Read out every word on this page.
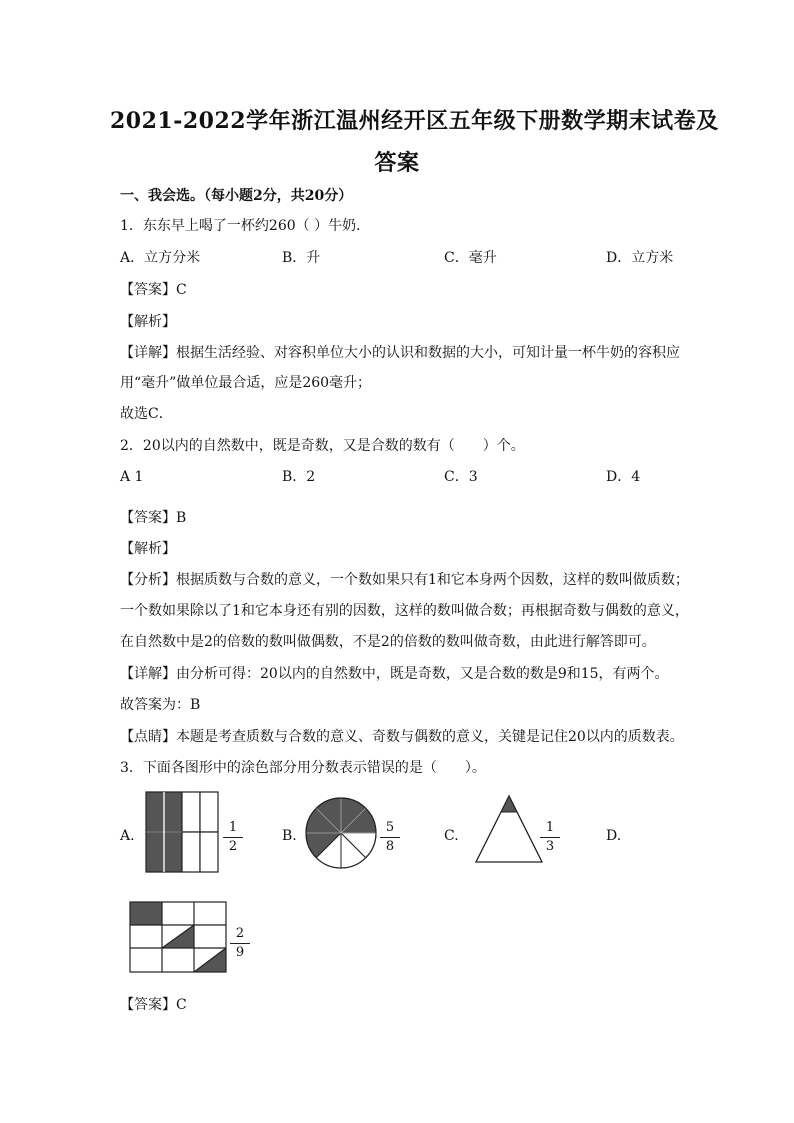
2021-2022学年浙江温州经开区五年级下册数学期末试卷及
答案
一、我会选。（每小题2分，共20分）
1．东东早上喝了一杯约260（ ）牛奶．
A．立方分米	B．升	C．毫升	D．立方米
【答案】C
【解析】
【详解】根据生活经验、对容积单位大小的认识和数据的大小，可知计量一杯牛奶的容积应
用“毫升”做单位最合适，应是260毫升；
故选C．
2．20以内的自然数中，既是奇数，又是合数的数有（　　）个。
A 1	B．2	C．3	D．4
【答案】B
【解析】
【分析】根据质数与合数的意义，一个数如果只有1和它本身两个因数，这样的数叫做质数；
一个数如果除以了1和它本身还有别的因数，这样的数叫做合数；再根据奇数与偶数的意义，
在自然数中是2的倍数的数叫做偶数，不是2的倍数的数叫做奇数，由此进行解答即可。
【详解】由分析可得：20以内的自然数中，既是奇数，又是合数的数是9和15，有两个。
故答案为：B
【点睛】本题是考查质数与合数的意义、奇数与偶数的意义，关键是记住20以内的质数表。
3．下面各图形中的涂色部分用分数表示错误的是（　　）。
A.
1
2
B.
5
8
C.
1
3
D.
2
9
【答案】C
